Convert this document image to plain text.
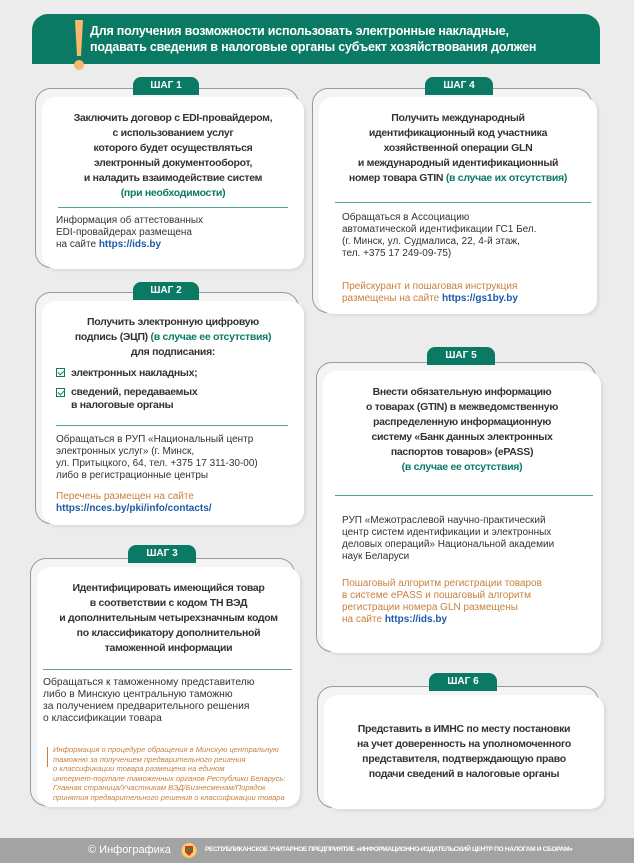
Для получения возможности использовать электронные накладные,
подавать сведения в налоговые органы субъект хозяйствования должен
Заключить договор с EDI-провайдером,
с использованием услуг
которого будет осуществляться
электронный документооборот,
и наладить взаимодействие систем
(при необходимости)
Информация об аттестованных
EDI-провайдерах размещена
на сайте https://ids.by
ШАГ 1
Получить электронную цифровую
подпись (ЭЦП) (в случае ее отсутствия)
для подписания:
электронных накладных;
сведений, передаваемых
в налоговые органы
Обращаться в РУП «Национальный центр
электронных услуг» (г. Минск,
ул. Притыцкого, 64, тел. +375 17 311-30-00)
либо в регистрационные центры
Перечень размещен на сайте
https://nces.by/pki/info/contacts/
ШАГ 2
Идентифицировать имеющийся товар
в соответствии с кодом ТН ВЭД
и дополнительным четырехзначным кодом
по классификатору дополнительной
таможенной информации
Обращаться к таможенному представителю
либо в Минскую центральную таможню
за получением предварительного решения
о классификации товара
Информация о процедуре обращения в Минскую центральную
таможню за получением предварительного решения
о классификации товара размещена на едином
интернет-портале таможенных органов Республики Беларусь:
Главная страница/Участникам ВЭД/Бизнесменам/Порядок
принятия предварительного решения о классификации товара
ШАГ 3
Получить международный
идентификационный код участника
хозяйственной операции GLN
и международный идентификационный
номер товара GTIN (в случае их отсутствия)
Обращаться в Ассоциацию
автоматической идентификации ГС1 Бел.
(г. Минск, ул. Судмалиса, 22, 4-й этаж,
тел. +375 17 249-09-75)
Прейскурант и пошаговая инструкция
размещены на сайте https://gs1by.by
ШАГ 4
Внести обязательную информацию
о товарах (GTIN) в межведомственную
распределенную информационную
систему «Банк данных электронных
паспортов товаров» (ePASS)
(в случае ее отсутствия)
РУП «Межотраслевой научно-практический
центр систем идентификации и электронных
деловых операций» Национальной академии
наук Беларуси
Пошаговый алгоритм регистрации товаров
в системе ePASS и пошаговый алгоритм
регистрации номера GLN размещены
на сайте https://ids.by
ШАГ 5
Представить в ИМНС по месту постановки
на учет доверенность на уполномоченного
представителя, подтверждающую право
подачи сведений в налоговые органы
ШАГ 6
© Инфографика	РЕСПУБЛИКАНСКОЕ УНИТАРНОЕ ПРЕДПРИЯТИЕ «ИНФОРМАЦИОННО-ИЗДАТЕЛЬСКИЙ ЦЕНТР ПО НАЛОГАМ И СБОРАМ»
